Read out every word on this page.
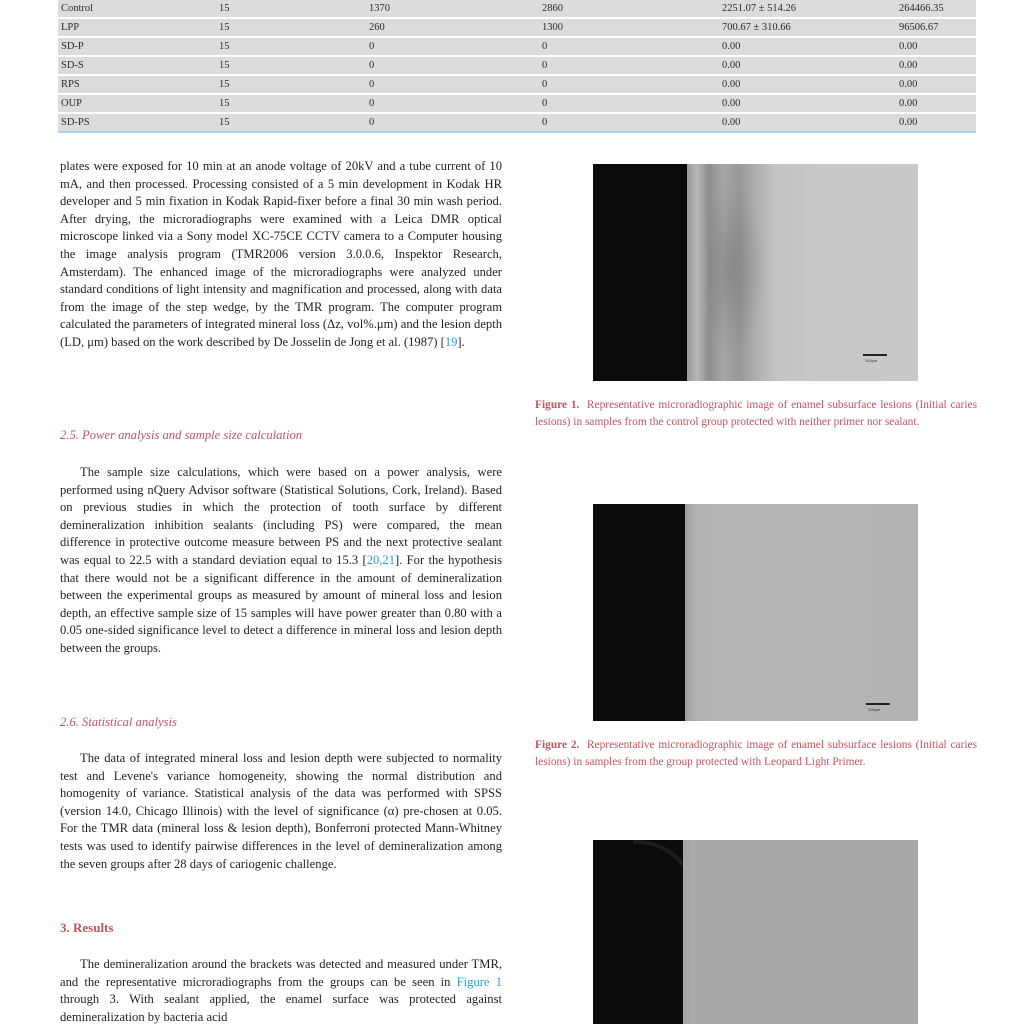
Control	15	1370	2860	2251.07 ± 514.26	264466.35
LPP	15	260	1300	700.67 ± 310.66	96506.67
SD-P	15	0	0	0.00	0.00
SD-S	15	0	0	0.00	0.00
RPS	15	0	0	0.00	0.00
OUP	15	0	0	0.00	0.00
SD-PS	15	0	0	0.00	0.00

plates were exposed for 10 min at an anode voltage of 20kV and a tube current of 10 mA, and then processed. Processing consisted of a 5 min development in Kodak HR developer and 5 min fixation in Kodak Rapid-fixer before a final 30 min wash period. After drying, the microradiographs were examined with a Leica DMR optical microscope linked via a Sony model XC-75CE CCTV camera to a Computer housing the image analysis program (TMR2006 version 3.0.0.6, Inspektor Research, Amsterdam). The enhanced image of the microradiographs were analyzed under standard conditions of light intensity and magnification and processed, along with data from the image of the step wedge, by the TMR program. The computer program calculated the parameters of integrated mineral loss (Δz, vol%.μm) and the lesion depth (LD, μm) based on the work described by De Josselin de Jong et al. (1987) [19].

2.5. Power analysis and sample size calculation

The sample size calculations, which were based on a power analysis, were performed using nQuery Advisor software (Statistical Solutions, Cork, Ireland). Based on previous studies in which the protection of tooth surface by different demineralization inhibition sealants (including PS) were compared, the mean difference in protective outcome measure between PS and the next protective sealant was equal to 22.5 with a standard deviation equal to 15.3 [20,21]. For the hypothesis that there would not be a significant difference in the amount of demineralization between the experimental groups as measured by amount of mineral loss and lesion depth, an effective sample size of 15 samples will have power greater than 0.80 with a 0.05 one-sided significance level to detect a difference in mineral loss and lesion depth between the groups.

2.6. Statistical analysis

The data of integrated mineral loss and lesion depth were subjected to normality test and Levene's variance homogeneity, showing the normal distribution and homogenity of variance. Statistical analysis of the data was performed with SPSS (version 14.0, Chicago Illinois) with the level of significance (α) pre-chosen at 0.05. For the TMR data (mineral loss & lesion depth), Bonferroni protected Mann-Whitney tests was used to identify pairwise differences in the level of demineralization among the seven groups after 28 days of cariogenic challenge.

3. Results

The demineralization around the brackets was detected and measured under TMR, and the representative microradiographs from the groups can be seen in Figure 1 through 3. With sealant applied, the enamel surface was protected against demineralization by bacteria acid

100μm
Figure 1. Representative microradiographic image of enamel subsurface lesions (Initial caries lesions) in samples from the control group protected with neither primer nor sealant.
100μm
Figure 2. Representative microradiographic image of enamel subsurface lesions (Initial caries lesions) in samples from the group protected with Leopard Light Primer.
